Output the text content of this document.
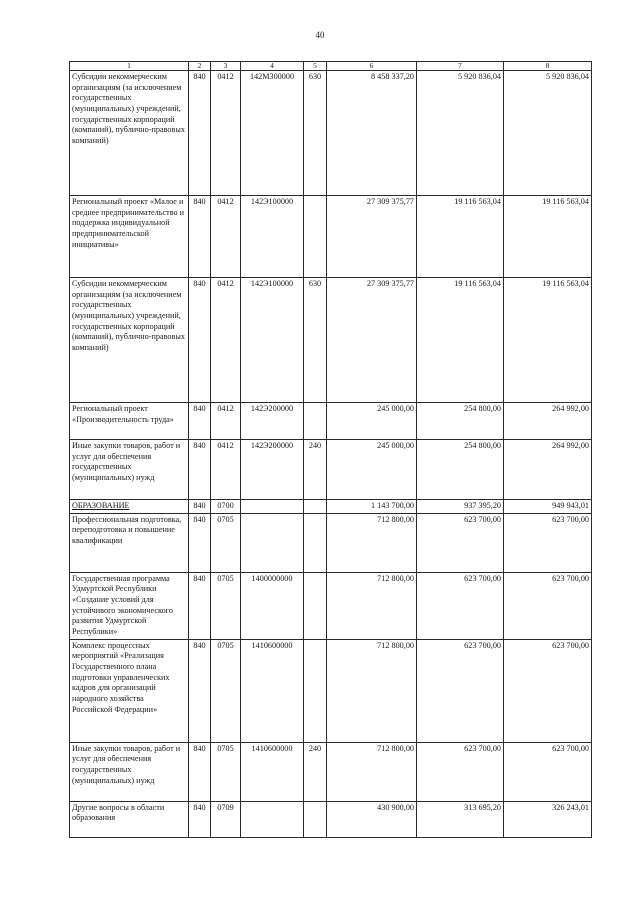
40
1	2	3	4	5	6	7	8
Субсидии некоммерческим организациям (за исключением государственных (муниципальных) учреждений, государственных корпораций (компаний), публично-правовых компаний)	840	0412	142M300000	630	8 458 337,20	5 920 836,04	5 920 836,04
Региональный проект «Малое и среднее предпринимательство и поддержка индивидуальной предпринимательской инициативы»	840	0412	142Э100000		27 309 375,77	19 116 563,04	19 116 563,04
Субсидии некоммерческим организациям (за исключением государственных (муниципальных) учреждений, государственных корпораций (компаний), публично-правовых компаний)	840	0412	142Э100000	630	27 309 375,77	19 116 563,04	19 116 563,04
Региональный проект «Производительность труда»	840	0412	142Э200000		245 000,00	254 800,00	264 992,00
Иные закупки товаров, работ и услуг для обеспечения государственных (муниципальных) нужд	840	0412	142Э200000	240	245 000,00	254 800,00	264 992,00
ОБРАЗОВАНИЕ	840	0700			1 143 700,00	937 395,20	949 943,01
Профессиональная подготовка, переподготовка и повышение квалификации	840	0705			712 800,00	623 700,00	623 700,00
Государственная программа Удмуртской Республики «Создание условий для устойчивого экономического развития Удмуртской Республики»	840	0705	1400000000		712 800,00	623 700,00	623 700,00
Комплекс процессных мероприятий «Реализация Государственного плана подготовки управленческих кадров для организаций народного хозяйства Российской Федерации»	840	0705	1410600000		712 800,00	623 700,00	623 700,00
Иные закупки товаров, работ и услуг для обеспечения государственных (муниципальных) нужд	840	0705	1410600000	240	712 800,00	623 700,00	623 700,00
Другие вопросы в области образования	840	0709			430 900,00	313 695,20	326 243,01
